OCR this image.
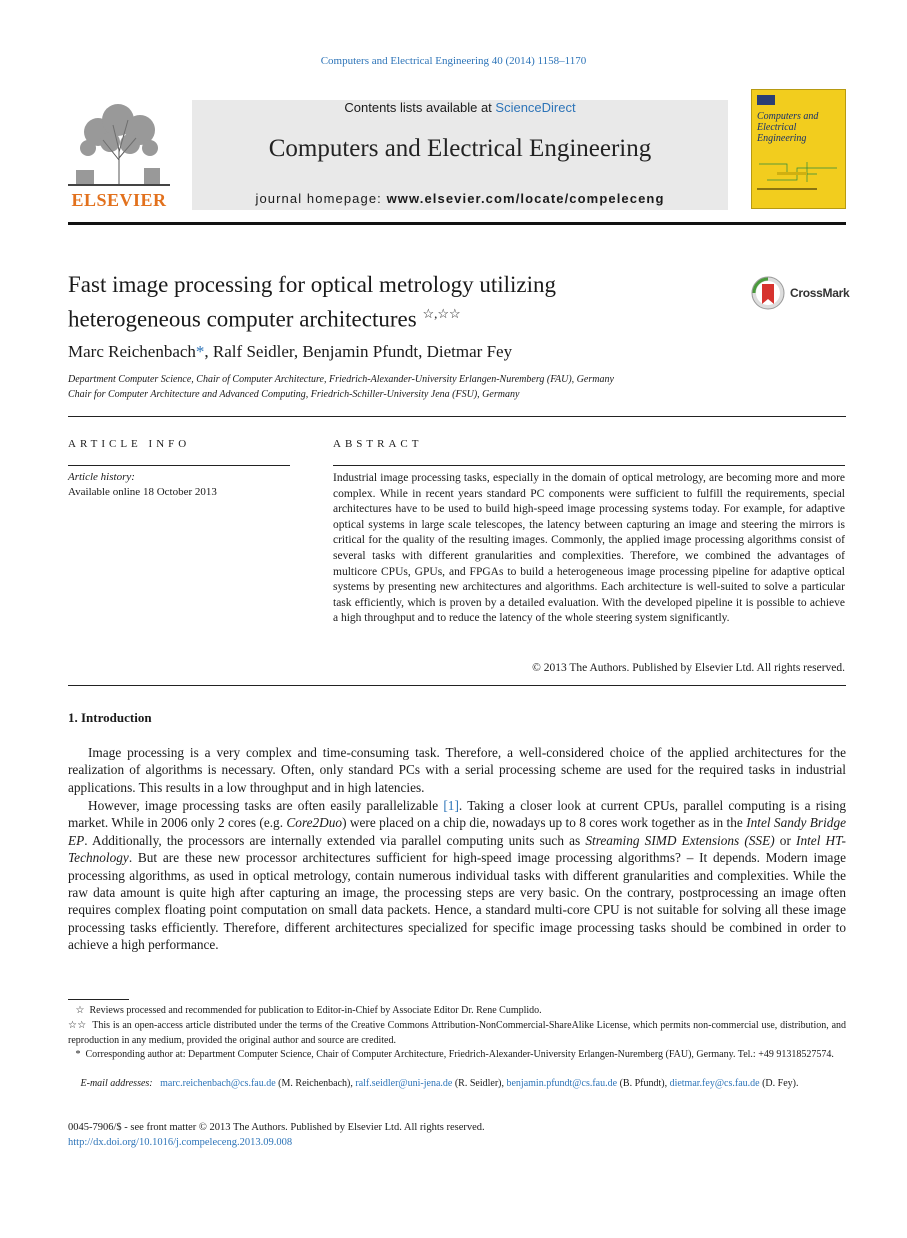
Computers and Electrical Engineering 40 (2014) 1158–1170
ELSEVIER
Contents lists available at ScienceDirect
Computers and Electrical Engineering
journal homepage: www.elsevier.com/locate/compeleceng
Computers and
Electrical Engineering
Fast image processing for optical metrology utilizing
heterogeneous computer architectures ☆,☆☆
CrossMark
Marc Reichenbach*, Ralf Seidler, Benjamin Pfundt, Dietmar Fey
Department Computer Science, Chair of Computer Architecture, Friedrich-Alexander-University Erlangen-Nuremberg (FAU), Germany
Chair for Computer Architecture and Advanced Computing, Friedrich-Schiller-University Jena (FSU), Germany
ARTICLE INFO
Article history:
Available online 18 October 2013
ABSTRACT
Industrial image processing tasks, especially in the domain of optical metrology, are becoming more and more complex. While in recent years standard PC components were sufficient to fulfill the requirements, special architectures have to be used to build high-speed image processing systems today. For example, for adaptive optical systems in large scale telescopes, the latency between capturing an image and steering the mirrors is critical for the quality of the resulting images. Commonly, the applied image processing algorithms consist of several tasks with different granularities and complexities. Therefore, we combined the advantages of multicore CPUs, GPUs, and FPGAs to build a heterogeneous image processing pipeline for adaptive optical systems by presenting new architectures and algorithms. Each architecture is well-suited to solve a particular task efficiently, which is proven by a detailed evaluation. With the developed pipeline it is possible to achieve a high throughput and to reduce the latency of the whole steering system significantly.
© 2013 The Authors. Published by Elsevier Ltd. All rights reserved.
1. Introduction
Image processing is a very complex and time-consuming task. Therefore, a well-considered choice of the applied architectures for the realization of algorithms is necessary. Often, only standard PCs with a serial processing scheme are used for the required tasks in industrial applications. This results in a low throughput and in high latencies.
However, image processing tasks are often easily parallelizable [1]. Taking a closer look at current CPUs, parallel computing is a rising market. While in 2006 only 2 cores (e.g. Core2Duo) were placed on a chip die, nowadays up to 8 cores work together as in the Intel Sandy Bridge EP. Additionally, the processors are internally extended via parallel computing units such as Streaming SIMD Extensions (SSE) or Intel HT-Technology. But are these new processor architectures sufficient for high-speed image processing algorithms? – It depends. Modern image processing algorithms, as used in optical metrology, contain numerous individual tasks with different granularities and complexities. While the raw data amount is quite high after capturing an image, the processing steps are very basic. On the contrary, postprocessing an image often requires complex floating point computation on small data packets. Hence, a standard multi-core CPU is not suitable for solving all these image processing tasks efficiently. Therefore, different architectures specialized for specific image processing tasks should be combined in order to achieve a high performance.
☆ Reviews processed and recommended for publication to Editor-in-Chief by Associate Editor Dr. Rene Cumplido.
☆☆ This is an open-access article distributed under the terms of the Creative Commons Attribution-NonCommercial-ShareAlike License, which permits non-commercial use, distribution, and reproduction in any medium, provided the original author and source are credited.
* Corresponding author at: Department Computer Science, Chair of Computer Architecture, Friedrich-Alexander-University Erlangen-Nuremberg (FAU), Germany. Tel.: +49 91318527574.
E-mail addresses: marc.reichenbach@cs.fau.de (M. Reichenbach), ralf.seidler@uni-jena.de (R. Seidler), benjamin.pfundt@cs.fau.de (B. Pfundt), dietmar.fey@cs.fau.de (D. Fey).
0045-7906/$ - see front matter © 2013 The Authors. Published by Elsevier Ltd. All rights reserved.
http://dx.doi.org/10.1016/j.compeleceng.2013.09.008
